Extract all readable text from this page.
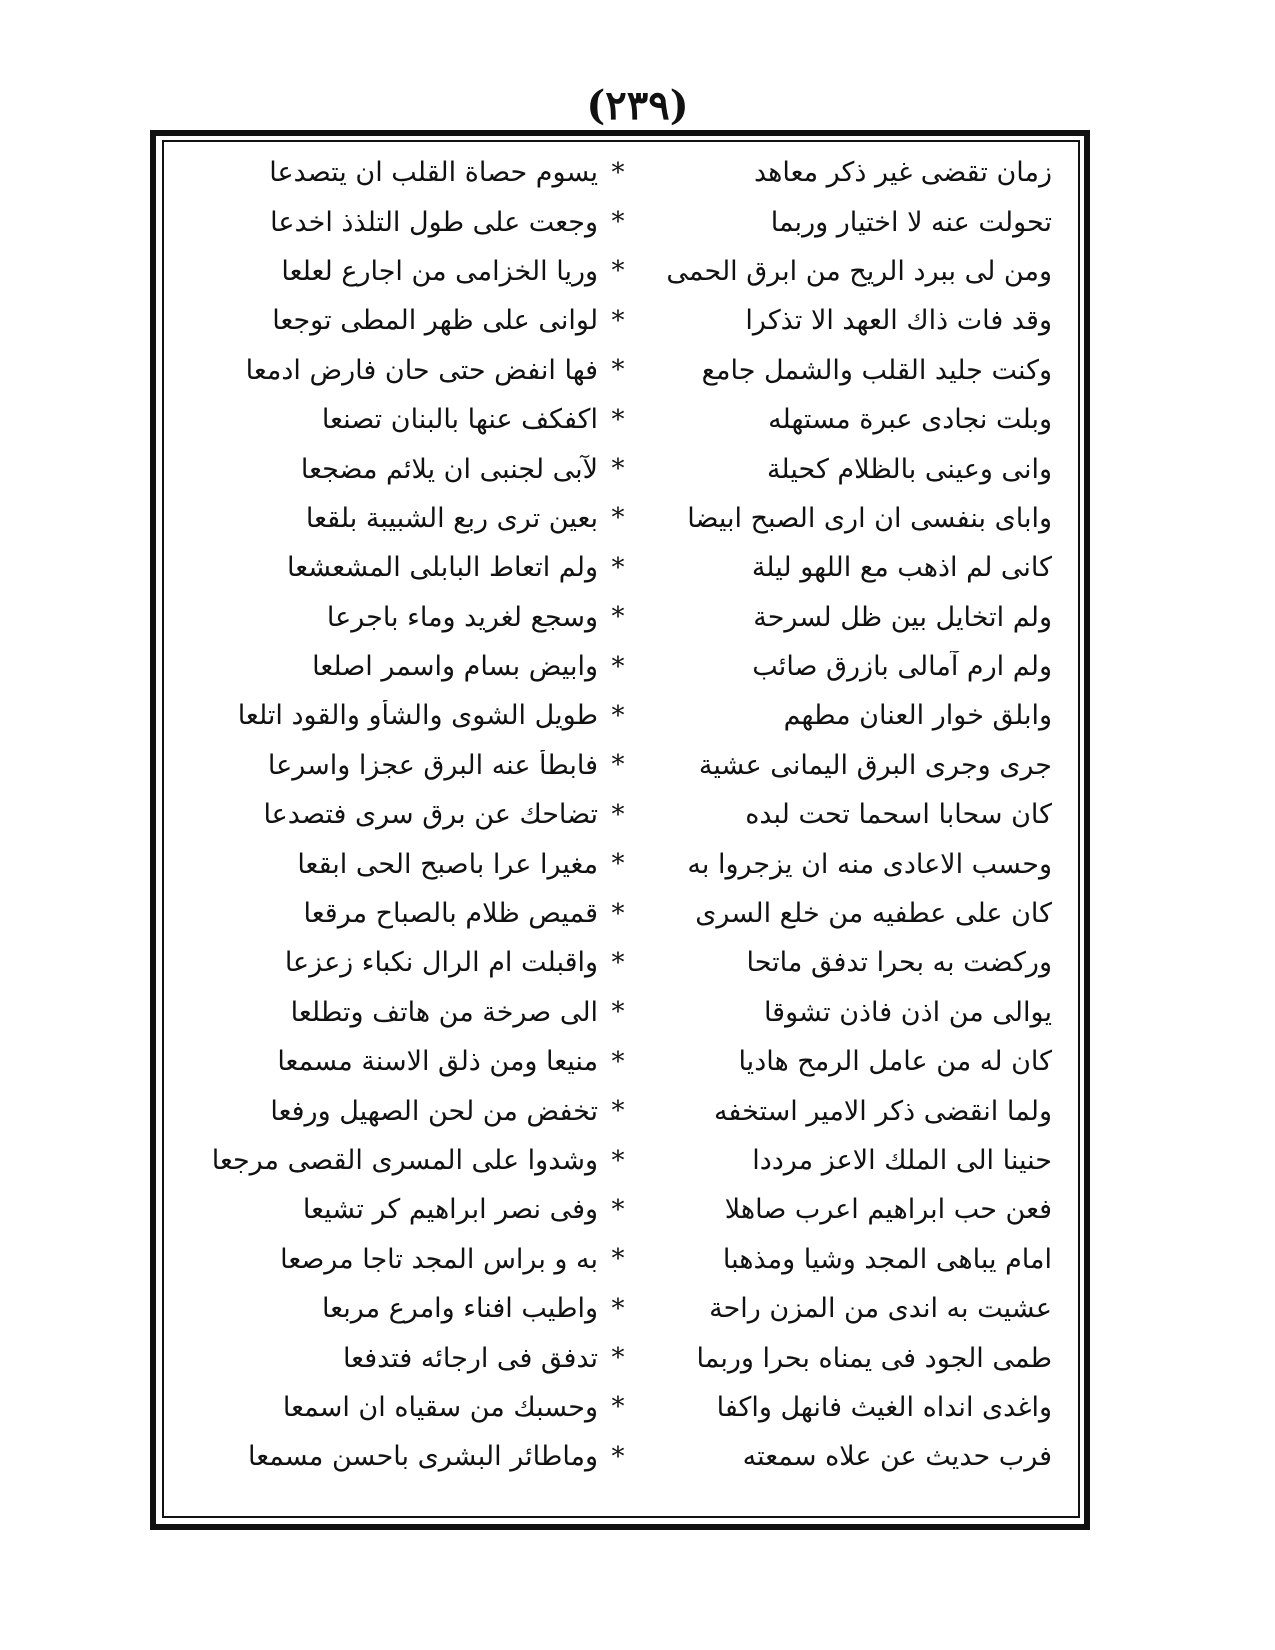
(٢٣٩)
زمان تقضى غير ذكر معاهد
*
يسوم حصاة القلب ان يتصدعا
تحولت عنه لا اختيار وربما
*
وجعت على طول التلذذ اخدعا
ومن لى ببرد الريح من ابرق الحمى
*
وريا الخزامى من اجارع لعلعا
وقد فات ذاك العهد الا تذكرا
*
لوانى على ظهر المطى توجعا
وكنت جليد القلب والشمل جامع
*
فها انفض حتى حان فارض ادمعا
وبلت نجادى عبرة مستهله
*
اكفكف عنها بالبنان تصنعا
وانى وعينى بالظلام كحيلة
*
لآبى لجنبى ان يلائم مضجعا
واباى بنفسى ان ارى الصبح ابيضا
*
بعين ترى ربع الشبيبة بلقعا
كانى لم اذهب مع اللهو ليلة
*
ولم اتعاط البابلى المشعشعا
ولم اتخايل بين ظل لسرحة
*
وسجع لغريد وماء باجرعا
ولم ارم آمالى بازرق صائب
*
وابيض بسام واسمر اصلعا
وابلق خوار العنان مطهم
*
طويل الشوى والشأو والقود اتلعا
جرى وجرى البرق اليمانى عشية
*
فابطأ عنه البرق عجزا واسرعا
كان سحابا اسحما تحت لبده
*
تضاحك عن برق سرى فتصدعا
وحسب الاعادى منه ان يزجروا به
*
مغيرا عرا باصبح الحى ابقعا
كان على عطفيه من خلع السرى
*
قميص ظلام بالصباح مرقعا
وركضت به بحرا تدفق ماتحا
*
واقبلت ام الرال نكباء زعزعا
يوالى من اذن فاذن تشوقا
*
الى صرخة من هاتف وتطلعا
كان له من عامل الرمح هاديا
*
منيعا ومن ذلق الاسنة مسمعا
ولما انقضى ذكر الامير استخفه
*
تخفض من لحن الصهيل ورفعا
حنينا الى الملك الاعز مرددا
*
وشدوا على المسرى القصى مرجعا
فعن حب ابراهيم اعرب صاهلا
*
وفى نصر ابراهيم كر تشيعا
امام يباهى المجد وشيا ومذهبا
*
به و براس المجد تاجا مرصعا
عشيت به اندى من المزن راحة
*
واطيب افناء وامرع مربعا
طمى الجود فى يمناه بحرا وربما
*
تدفق فى ارجائه فتدفعا
واغدى انداه الغيث فانهل واكفا
*
وحسبك من سقياه ان اسمعا
فرب حديث عن علاه سمعته
*
وماطائر البشرى باحسن مسمعا
